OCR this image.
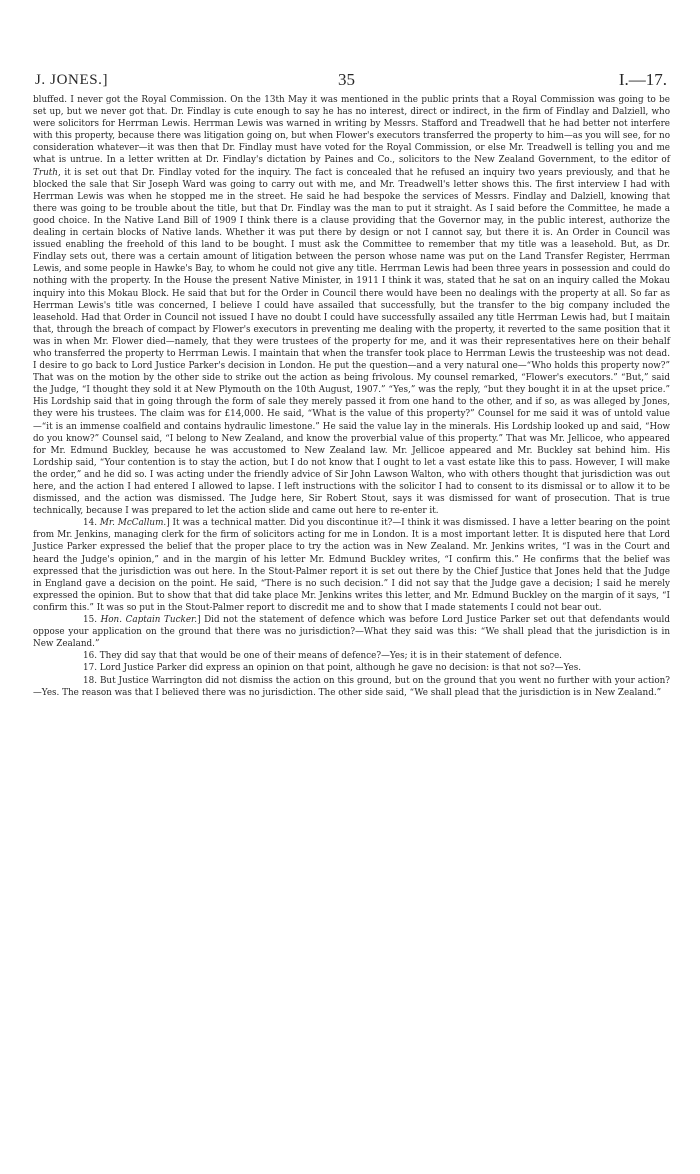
J. JONES.]	35	I.—17.

bluffed. I never got the Royal Commission. On the 13th May it was mentioned in the public prints that a Royal Commission was going to be set up, but we never got that. Dr. Findlay is cute enough to say he has no interest, direct or indirect, in the firm of Findlay and Dalziell, who were solicitors for Herrman Lewis. Herrman Lewis was warned in writing by Messrs. Stafford and Treadwell that he had better not interfere with this property, because there was litigation going on, but when Flower's executors transferred the property to him—as you will see, for no consideration whatever—it was then that Dr. Findlay must have voted for the Royal Commission, or else Mr. Treadwell is telling you and me what is untrue. In a letter written at Dr. Findlay's dictation by Paines and Co., solicitors to the New Zealand Government, to the editor of Truth, it is set out that Dr. Findlay voted for the inquiry. The fact is concealed that he refused an inquiry two years previously, and that he blocked the sale that Sir Joseph Ward was going to carry out with me, and Mr. Treadwell's letter shows this. The first interview I had with Herrman Lewis was when he stopped me in the street. He said he had bespoke the services of Messrs. Findlay and Dalziell, knowing that there was going to be trouble about the title, but that Dr. Findlay was the man to put it straight. As I said before the Committee, he made a good choice. In the Native Land Bill of 1909 I think there is a clause providing that the Governor may, in the public interest, authorize the dealing in certain blocks of Native lands. Whether it was put there by design or not I cannot say, but there it is. An Order in Council was issued enabling the freehold of this land to be bought. I must ask the Committee to remember that my title was a leasehold. But, as Dr. Findlay sets out, there was a certain amount of litigation between the person whose name was put on the Land Transfer Register, Herrman Lewis, and some people in Hawke's Bay, to whom he could not give any title. Herrman Lewis had been three years in possession and could do nothing with the property. In the House the present Native Minister, in 1911 I think it was, stated that he sat on an inquiry called the Mokau inquiry into this Mokau Block. He said that but for the Order in Council there would have been no dealings with the property at all. So far as Herrman Lewis's title was concerned, I believe I could have assailed that successfully, but the transfer to the big company included the leasehold. Had that Order in Council not issued I have no doubt I could have successfully assailed any title Herrman Lewis had, but I maitain that, through the breach of compact by Flower's executors in preventing me dealing with the property, it reverted to the same position that it was in when Mr. Flower died—namely, that they were trustees of the property for me, and it was their representatives here on their behalf who transferred the property to Herrman Lewis. I maintain that when the transfer took place to Herrman Lewis the trusteeship was not dead. I desire to go back to Lord Justice Parker's decision in London. He put the question—and a very natural one—“Who holds this property now?” That was on the motion by the other side to strike out the action as being frivolous. My counsel remarked, “Flower's executors.” “But,” said the Judge, “I thought they sold it at New Plymouth on the 10th August, 1907.” “Yes,” was the reply, “but they bought it in at the upset price.” His Lordship said that in going through the form of sale they merely passed it from one hand to the other, and if so, as was alleged by Jones, they were his trustees. The claim was for £14,000. He said, “What is the value of this property?” Counsel for me said it was of untold value—“it is an immense coalfield and contains hydraulic limestone.” He said the value lay in the minerals. His Lordship looked up and said, “How do you know?” Counsel said, “I belong to New Zealand, and know the proverbial value of this property.” That was Mr. Jellicoe, who appeared for Mr. Edmund Buckley, because he was accustomed to New Zealand law. Mr. Jellicoe appeared and Mr. Buckley sat behind him. His Lordship said, “Your contention is to stay the action, but I do not know that I ought to let a vast estate like this to pass. However, I will make the order,” and he did so. I was acting under the friendly advice of Sir John Lawson Walton, who with others thought that jurisdiction was out here, and the action I had entered I allowed to lapse. I left instructions with the solicitor I had to consent to its dismissal or to allow it to be dismissed, and the action was dismissed. The Judge here, Sir Robert Stout, says it was dismissed for want of prosecution. That is true technically, because I was prepared to let the action slide and came out here to re-enter it.

14. Mr. McCallum.] It was a technical matter. Did you discontinue it?—I think it was dismissed. I have a letter bearing on the point from Mr. Jenkins, managing clerk for the firm of solicitors acting for me in London. It is a most important letter. It is disputed here that Lord Justice Parker expressed the belief that the proper place to try the action was in New Zealand. Mr. Jenkins writes, “I was in the Court and heard the Judge's opinion,” and in the margin of his letter Mr. Edmund Buckley writes, “I confirm this.” He confirms that the belief was expressed that the jurisdiction was out here. In the Stout-Palmer report it is set out there by the Chief Justice that Jones held that the Judge in England gave a decision on the point. He said, “There is no such decision.” I did not say that the Judge gave a decision; I said he merely expressed the opinion. But to show that that did take place Mr. Jenkins writes this letter, and Mr. Edmund Buckley on the margin of it says, “I confirm this.” It was so put in the Stout-Palmer report to discredit me and to show that I made statements I could not bear out.

15. Hon. Captain Tucker.] Did not the statement of defence which was before Lord Justice Parker set out that defendants would oppose your application on the ground that there was no jurisdiction?—What they said was this: “We shall plead that the jurisdiction is in New Zealand.”

16. They did say that that would be one of their means of defence?—Yes; it is in their statement of defence.

17. Lord Justice Parker did express an opinion on that point, although he gave no decision: is that not so?—Yes.

18. But Justice Warrington did not dismiss the action on this ground, but on the ground that you went no further with your action?—Yes. The reason was that I believed there was no jurisdiction. The other side said, “We shall plead that the jurisdiction is in New Zealand.”
